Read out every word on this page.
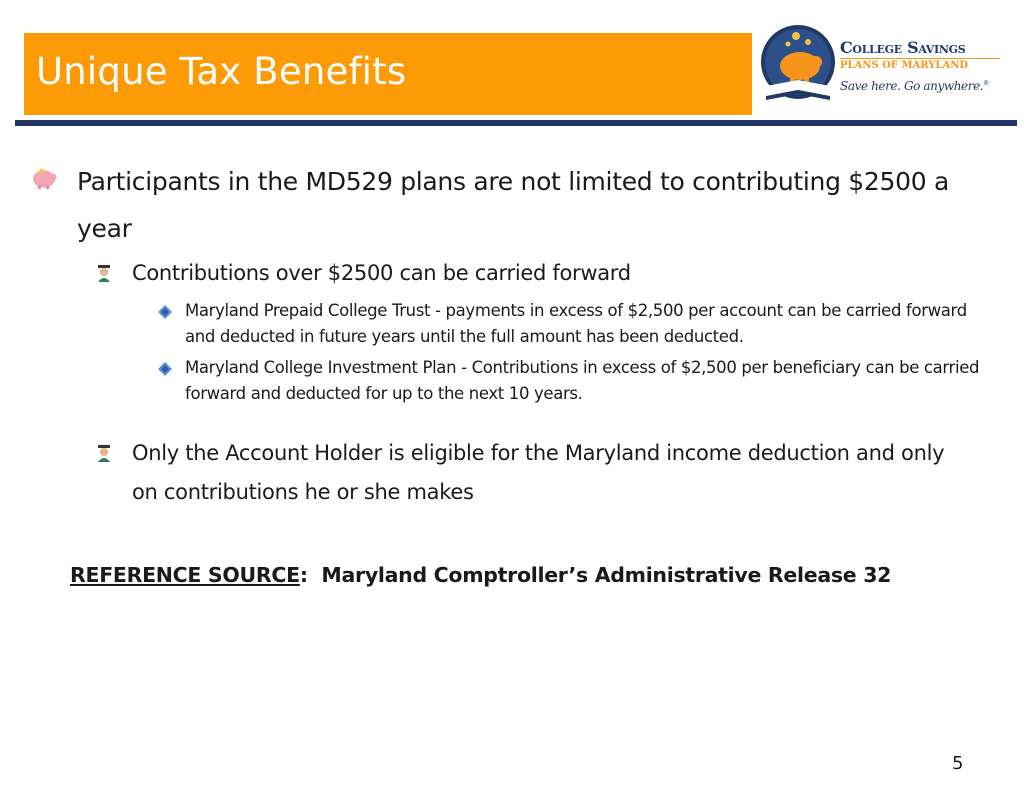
Unique Tax Benefits
College Savings
PLANS OF MARYLAND
Save here. Go anywhere.®
Participants in the MD529 plans are not limited to contributing $2500 a year
Contributions over $2500 can be carried forward
Maryland Prepaid College Trust - payments in excess of $2,500 per account can be carried forward and deducted in future years until the full amount has been deducted.
Maryland College Investment Plan - Contributions in excess of $2,500 per beneficiary can be carried forward and deducted for up to the next 10 years.
Only the Account Holder is eligible for the Maryland income deduction and only on contributions he or she makes
REFERENCE SOURCE: Maryland Comptroller’s Administrative Release 32
5
